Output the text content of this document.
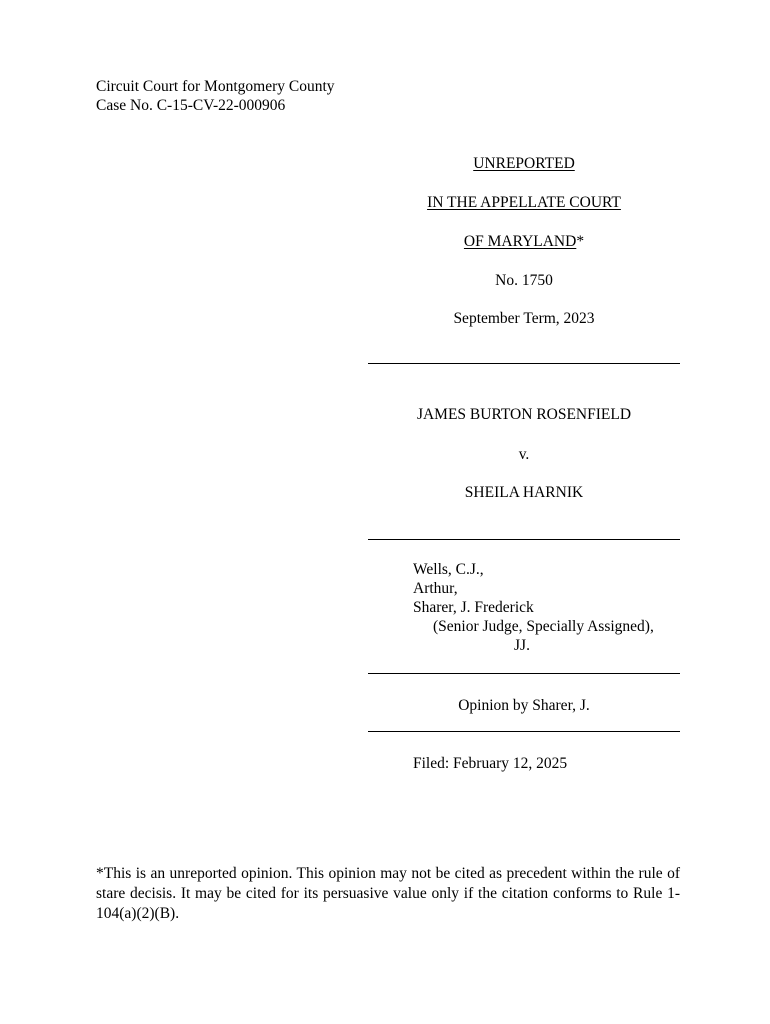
Circuit Court for Montgomery County
Case No. C-15-CV-22-000906
UNREPORTED
IN THE APPELLATE COURT
OF MARYLAND*
No. 1750
September Term, 2023
JAMES BURTON ROSENFIELD
v.
SHEILA HARNIK
Wells, C.J.,
Arthur,
Sharer, J. Frederick
(Senior Judge, Specially Assigned),
JJ.
Opinion by Sharer, J.
Filed: February 12, 2025
*This is an unreported opinion. This opinion may not be cited as precedent within the rule of stare decisis. It may be cited for its persuasive value only if the citation conforms to Rule 1-104(a)(2)(B).
